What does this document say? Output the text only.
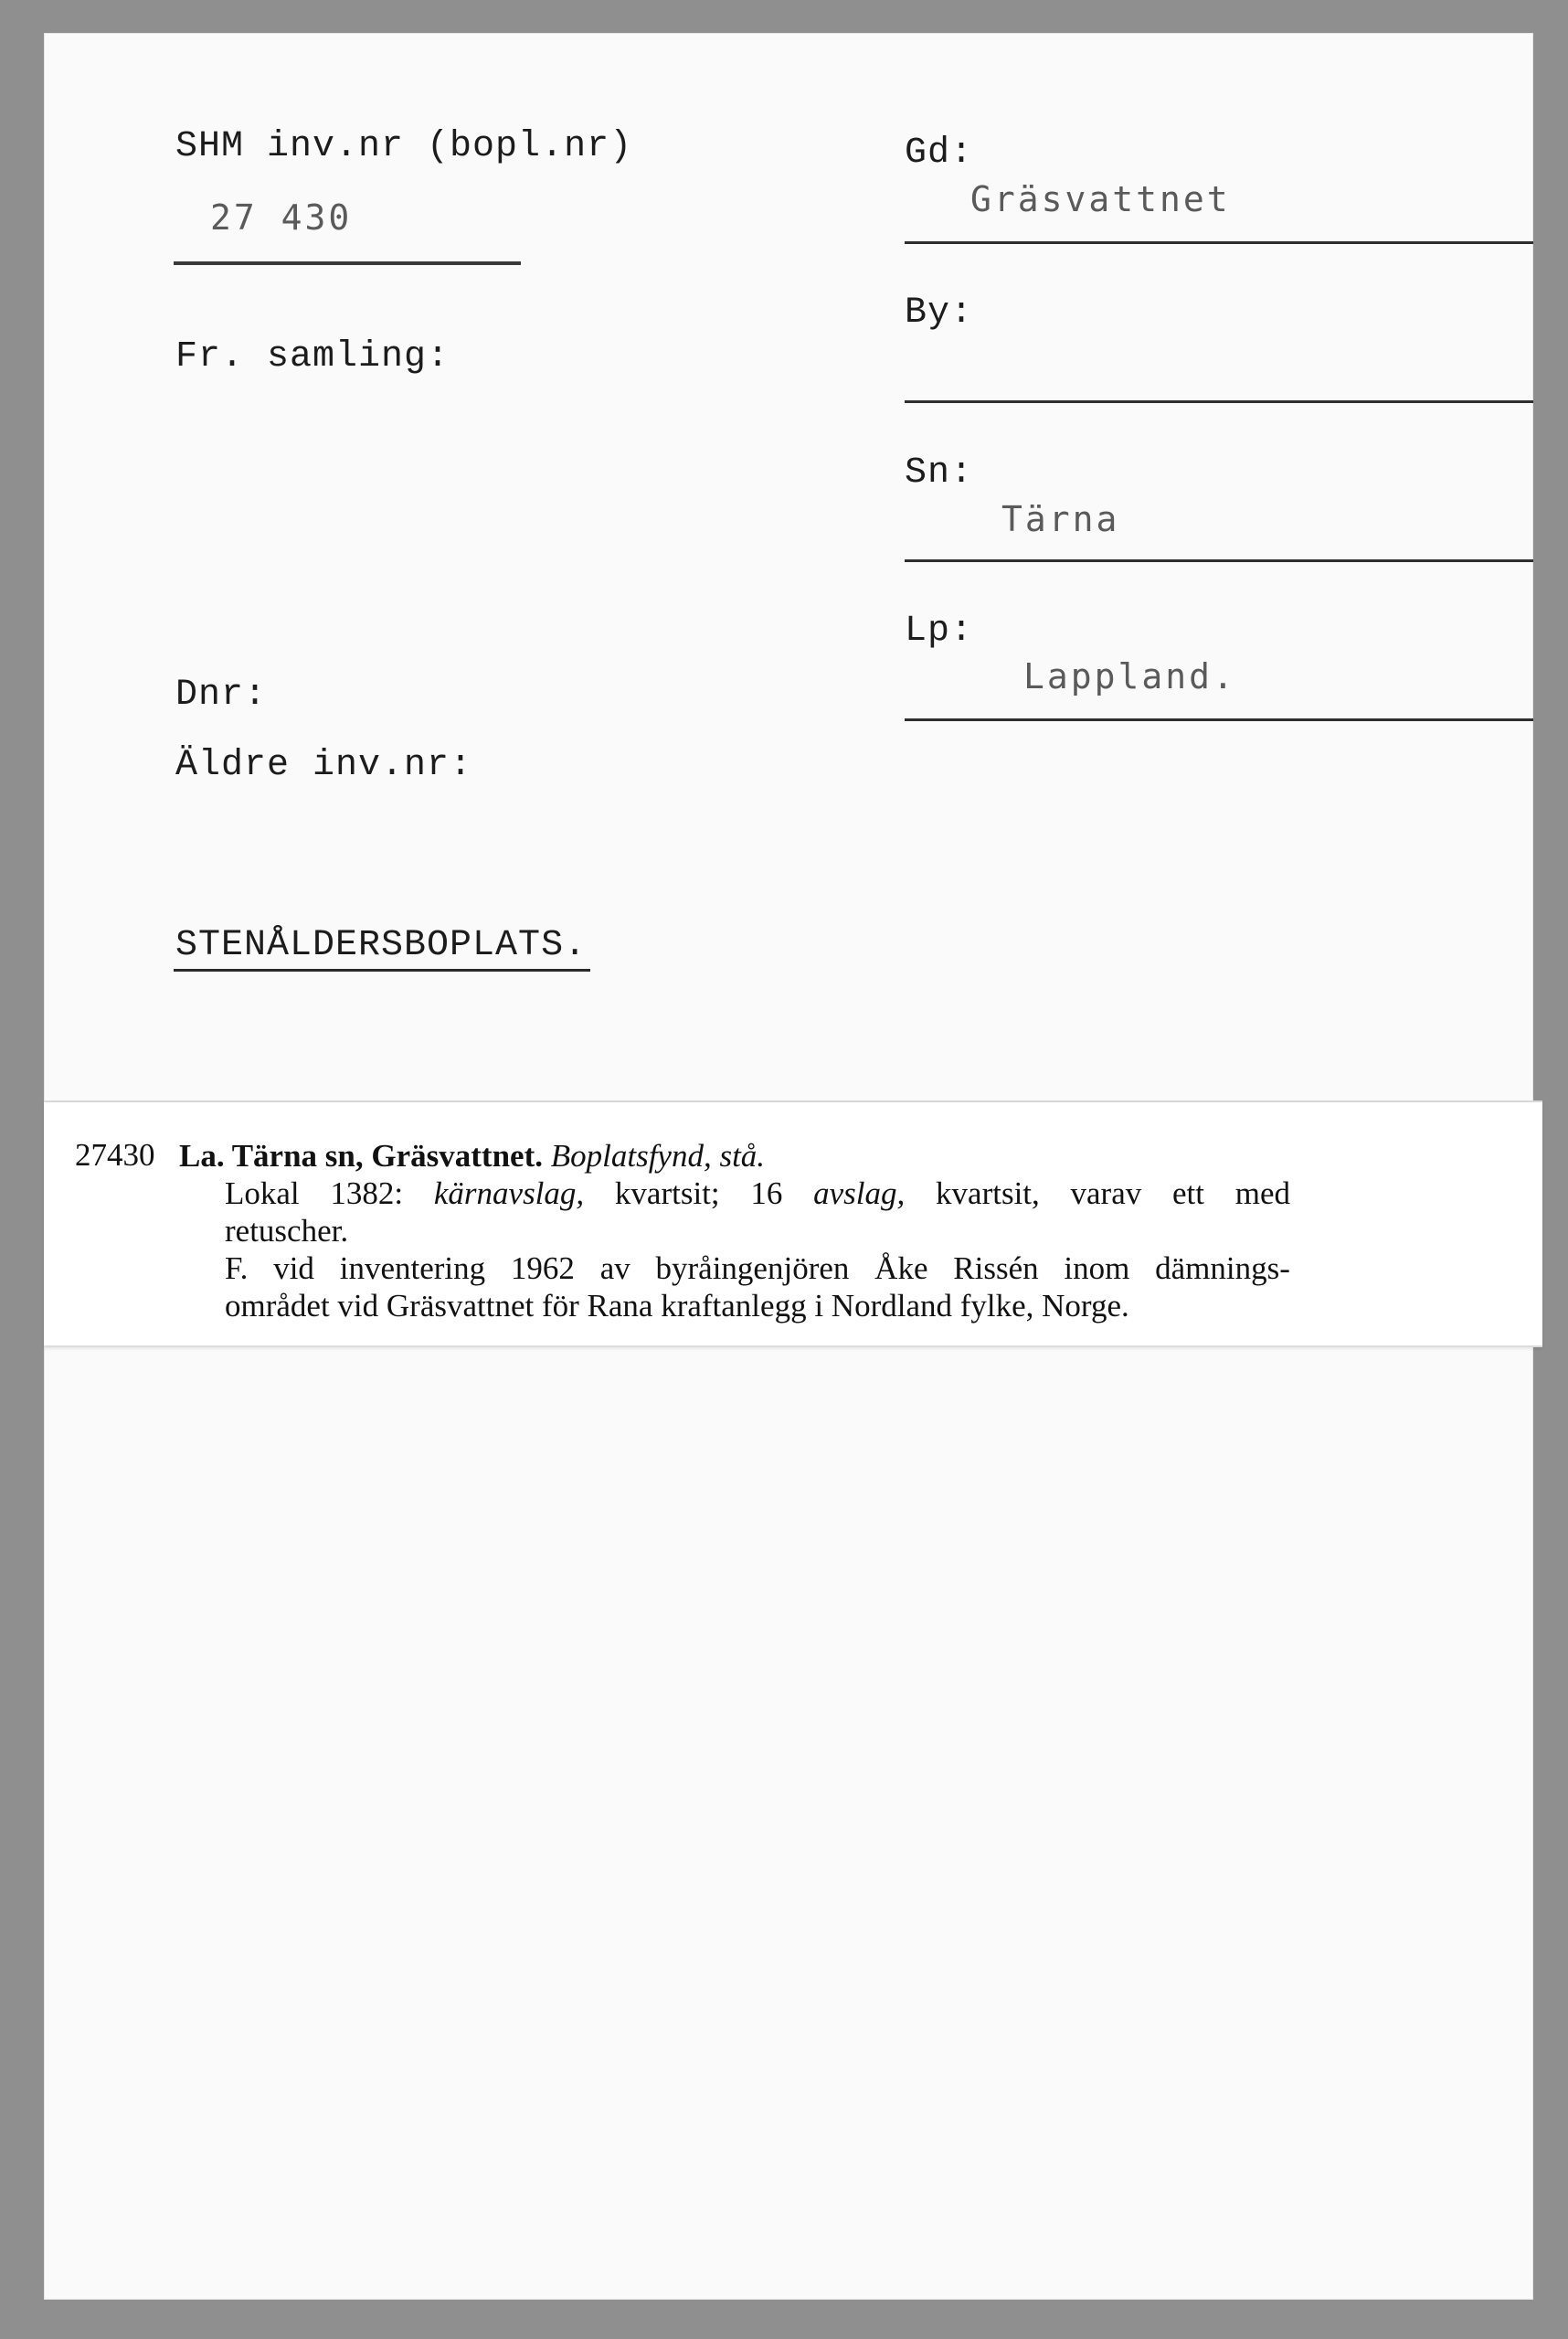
SHM inv.nr (bopl.nr)
27 430
Fr. samling:
Dnr:
Äldre inv.nr:
STENÅLDERSBOPLATS.
Gd:
Gräsvattnet
By:
Sn:
Tärna
Lp:
Lappland.
27430 La. Tärna sn, Gräsvattnet. Boplatsfynd, stå.
Lokal 1382: kärnavslag, kvartsit; 16 avslag, kvartsit, varav ett med
retuscher.
F. vid inventering 1962 av byråingenjören Åke Rissén inom dämnings-
området vid Gräsvattnet för Rana kraftanlegg i Nordland fylke, Norge.
